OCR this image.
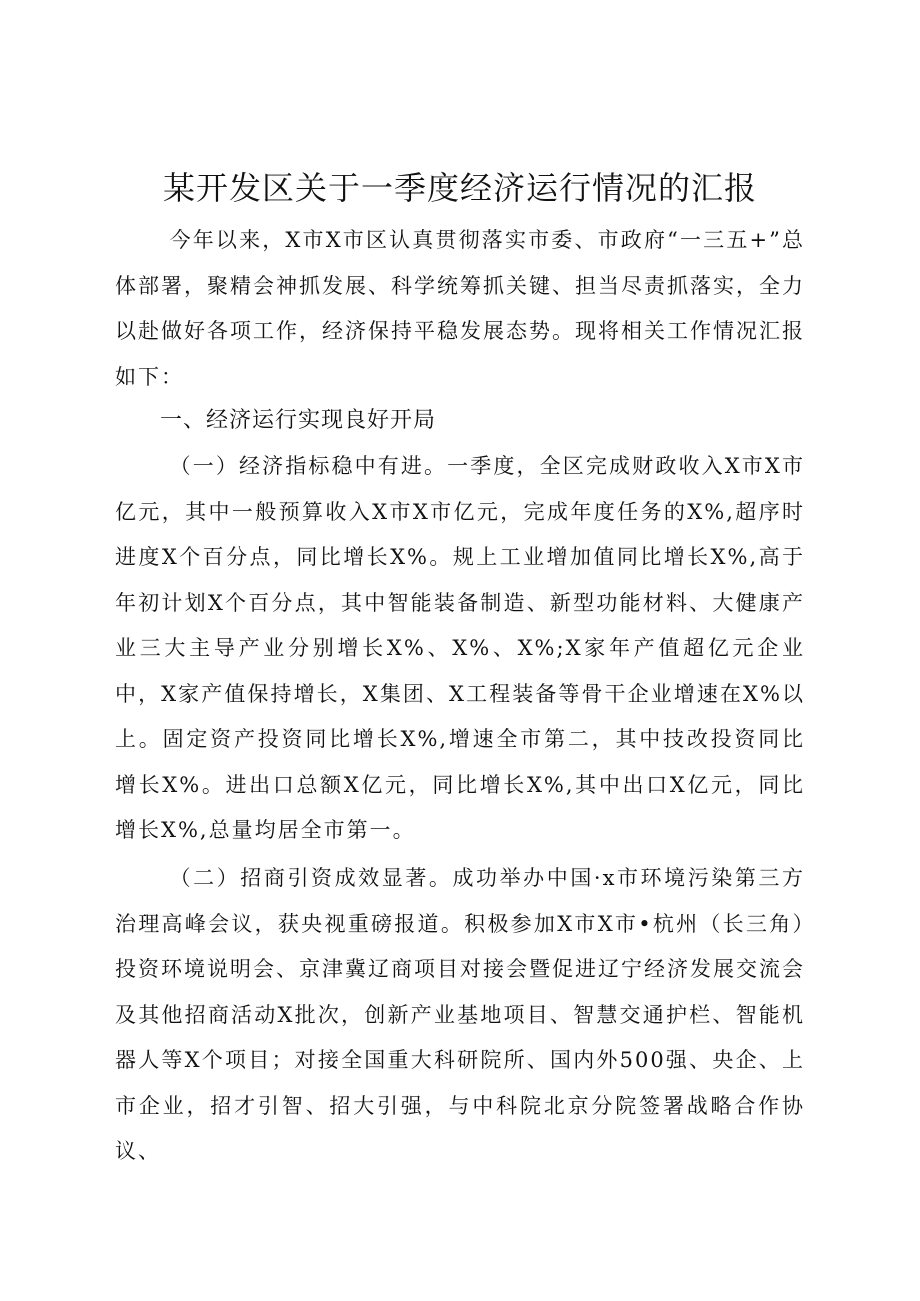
某开发区关于一季度经济运行情况的汇报

今年以来，X市X市区认真贯彻落实市委、市政府“一三五+”总体部署，聚精会神抓发展、科学统筹抓关键、担当尽责抓落实，全力以赴做好各项工作，经济保持平稳发展态势。现将相关工作情况汇报如下：

一、经济运行实现良好开局

（一）经济指标稳中有进。一季度，全区完成财政收入X市X市亿元，其中一般预算收入X市X市亿元，完成年度任务的X%,超序时进度X个百分点，同比增长X%。规上工业增加值同比增长X%,高于年初计划X个百分点，其中智能装备制造、新型功能材料、大健康产业三大主导产业分别增长X%、X%、X%;X家年产值超亿元企业中，X家产值保持增长，X集团、X工程装备等骨干企业增速在X%以上。固定资产投资同比增长X%,增速全市第二，其中技改投资同比增长X%。进出口总额X亿元，同比增长X%,其中出口X亿元，同比增长X%,总量均居全市第一。

（二）招商引资成效显著。成功举办中国·x市环境污染第三方治理高峰会议，获央视重磅报道。积极参加X市X市•杭州（长三角）投资环境说明会、京津冀辽商项目对接会暨促进辽宁经济发展交流会及其他招商活动X批次，创新产业基地项目、智慧交通护栏、智能机器人等X个项目；对接全国重大科研院所、国内外500强、央企、上市企业，招才引智、招大引强，与中科院北京分院签署战略合作协议、
